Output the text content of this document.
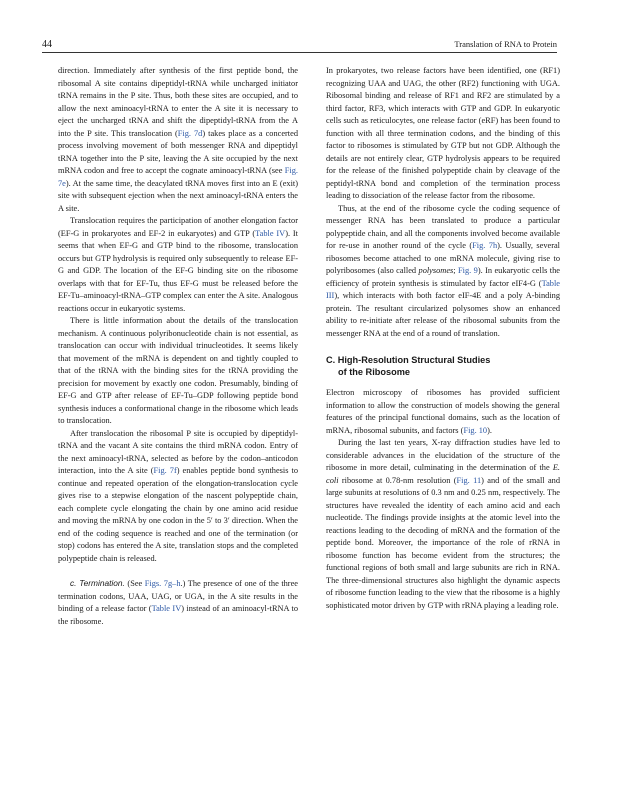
44	Translation of RNA to Protein

direction. Immediately after synthesis of the first peptide bond, the ribosomal A site contains dipeptidyl-tRNA while uncharged initiator tRNA remains in the P site. Thus, both these sites are occupied, and to allow the next aminoacyl-tRNA to enter the A site it is necessary to eject the uncharged tRNA and shift the dipeptidyl-tRNA from the A into the P site. This translocation (Fig. 7d) takes place as a concerted process involving movement of both messenger RNA and dipeptidyl tRNA together into the P site, leaving the A site occupied by the next mRNA codon and free to accept the cognate aminoacyl-tRNA (see Fig. 7e). At the same time, the deacylated tRNA moves first into an E (exit) site with subsequent ejection when the next aminoacyl-tRNA enters the A site.

Translocation requires the participation of another elongation factor (EF-G in prokaryotes and EF-2 in eukaryotes) and GTP (Table IV). It seems that when EF-G and GTP bind to the ribosome, translocation occurs but GTP hydrolysis is required only subsequently to release EF-G and GDP. The location of the EF-G binding site on the ribosome overlaps with that for EF-Tu, thus EF-G must be released before the EF-Tu–aminoacyl-tRNA–GTP complex can enter the A site. Analogous reactions occur in eukaryotic systems.

There is little information about the details of the translocation mechanism. A continuous polyribonucleotide chain is not essential, as translocation can occur with individual trinucleotides. It seems likely that movement of the mRNA is dependent on and tightly coupled to that of the tRNA with the binding sites for the tRNA providing the precision for movement by exactly one codon. Presumably, binding of EF-G and GTP after release of EF-Tu–GDP following peptide bond synthesis induces a conformational change in the ribosome which leads to translocation.

After translocation the ribosomal P site is occupied by dipeptidyl-tRNA and the vacant A site contains the third mRNA codon. Entry of the next aminoacyl-tRNA, selected as before by the codon–anticodon interaction, into the A site (Fig. 7f) enables peptide bond synthesis to continue and repeated operation of the elongation-translocation cycle gives rise to a stepwise elongation of the nascent polypeptide chain, each complete cycle elongating the chain by one amino acid residue and moving the mRNA by one codon in the 5′ to 3′ direction. When the end of the coding sequence is reached and one of the termination (or stop) codons has entered the A site, translation stops and the completed polypeptide chain is released.

c. Termination. (See Figs. 7g–h.) The presence of one of the three termination codons, UAA, UAG, or UGA, in the A site results in the binding of a release factor (Table IV) instead of an aminoacyl-tRNA to the ribosome.

In prokaryotes, two release factors have been identified, one (RF1) recognizing UAA and UAG, the other (RF2) functioning with UGA. Ribosomal binding and release of RF1 and RF2 are stimulated by a third factor, RF3, which interacts with GTP and GDP. In eukaryotic cells such as reticulocytes, one release factor (eRF) has been found to function with all three termination codons, and the binding of this factor to ribosomes is stimulated by GTP but not GDP. Although the details are not entirely clear, GTP hydrolysis appears to be required for the release of the finished polypeptide chain by cleavage of the peptidyl-tRNA bond and completion of the termination process leading to dissociation of the release factor from the ribosome.

Thus, at the end of the ribosome cycle the coding sequence of messenger RNA has been translated to produce a particular polypeptide chain, and all the components involved become available for re-use in another round of the cycle (Fig. 7h). Usually, several ribosomes become attached to one mRNA molecule, giving rise to polyribosomes (also called polysomes; Fig. 9). In eukaryotic cells the efficiency of protein synthesis is stimulated by factor eIF4-G (Table III), which interacts with both factor eIF-4E and a poly A-binding protein. The resultant circularized polysomes show an enhanced ability to re-initiate after release of the ribosomal subunits from the messenger RNA at the end of a round of translation.

C. High-Resolution Structural Studies
of the Ribosome

Electron microscopy of ribosomes has provided sufficient information to allow the construction of models showing the general features of the principal functional domains, such as the location of mRNA, ribosomal subunits, and factors (Fig. 10).

During the last ten years, X-ray diffraction studies have led to considerable advances in the elucidation of the structure of the ribosome in more detail, culminating in the determination of the E. coli ribosome at 0.78-nm resolution (Fig. 11) and of the small and large subunits at resolutions of 0.3 nm and 0.25 nm, respectively. The structures have revealed the identity of each amino acid and each nucleotide. The findings provide insights at the atomic level into the reactions leading to the decoding of mRNA and the formation of the peptide bond. Moreover, the importance of the role of rRNA in ribosome function has become evident from the structures; the functional regions of both small and large subunits are rich in RNA. The three-dimensional structures also highlight the dynamic aspects of ribosome function leading to the view that the ribosome is a highly sophisticated motor driven by GTP with rRNA playing a leading role.
